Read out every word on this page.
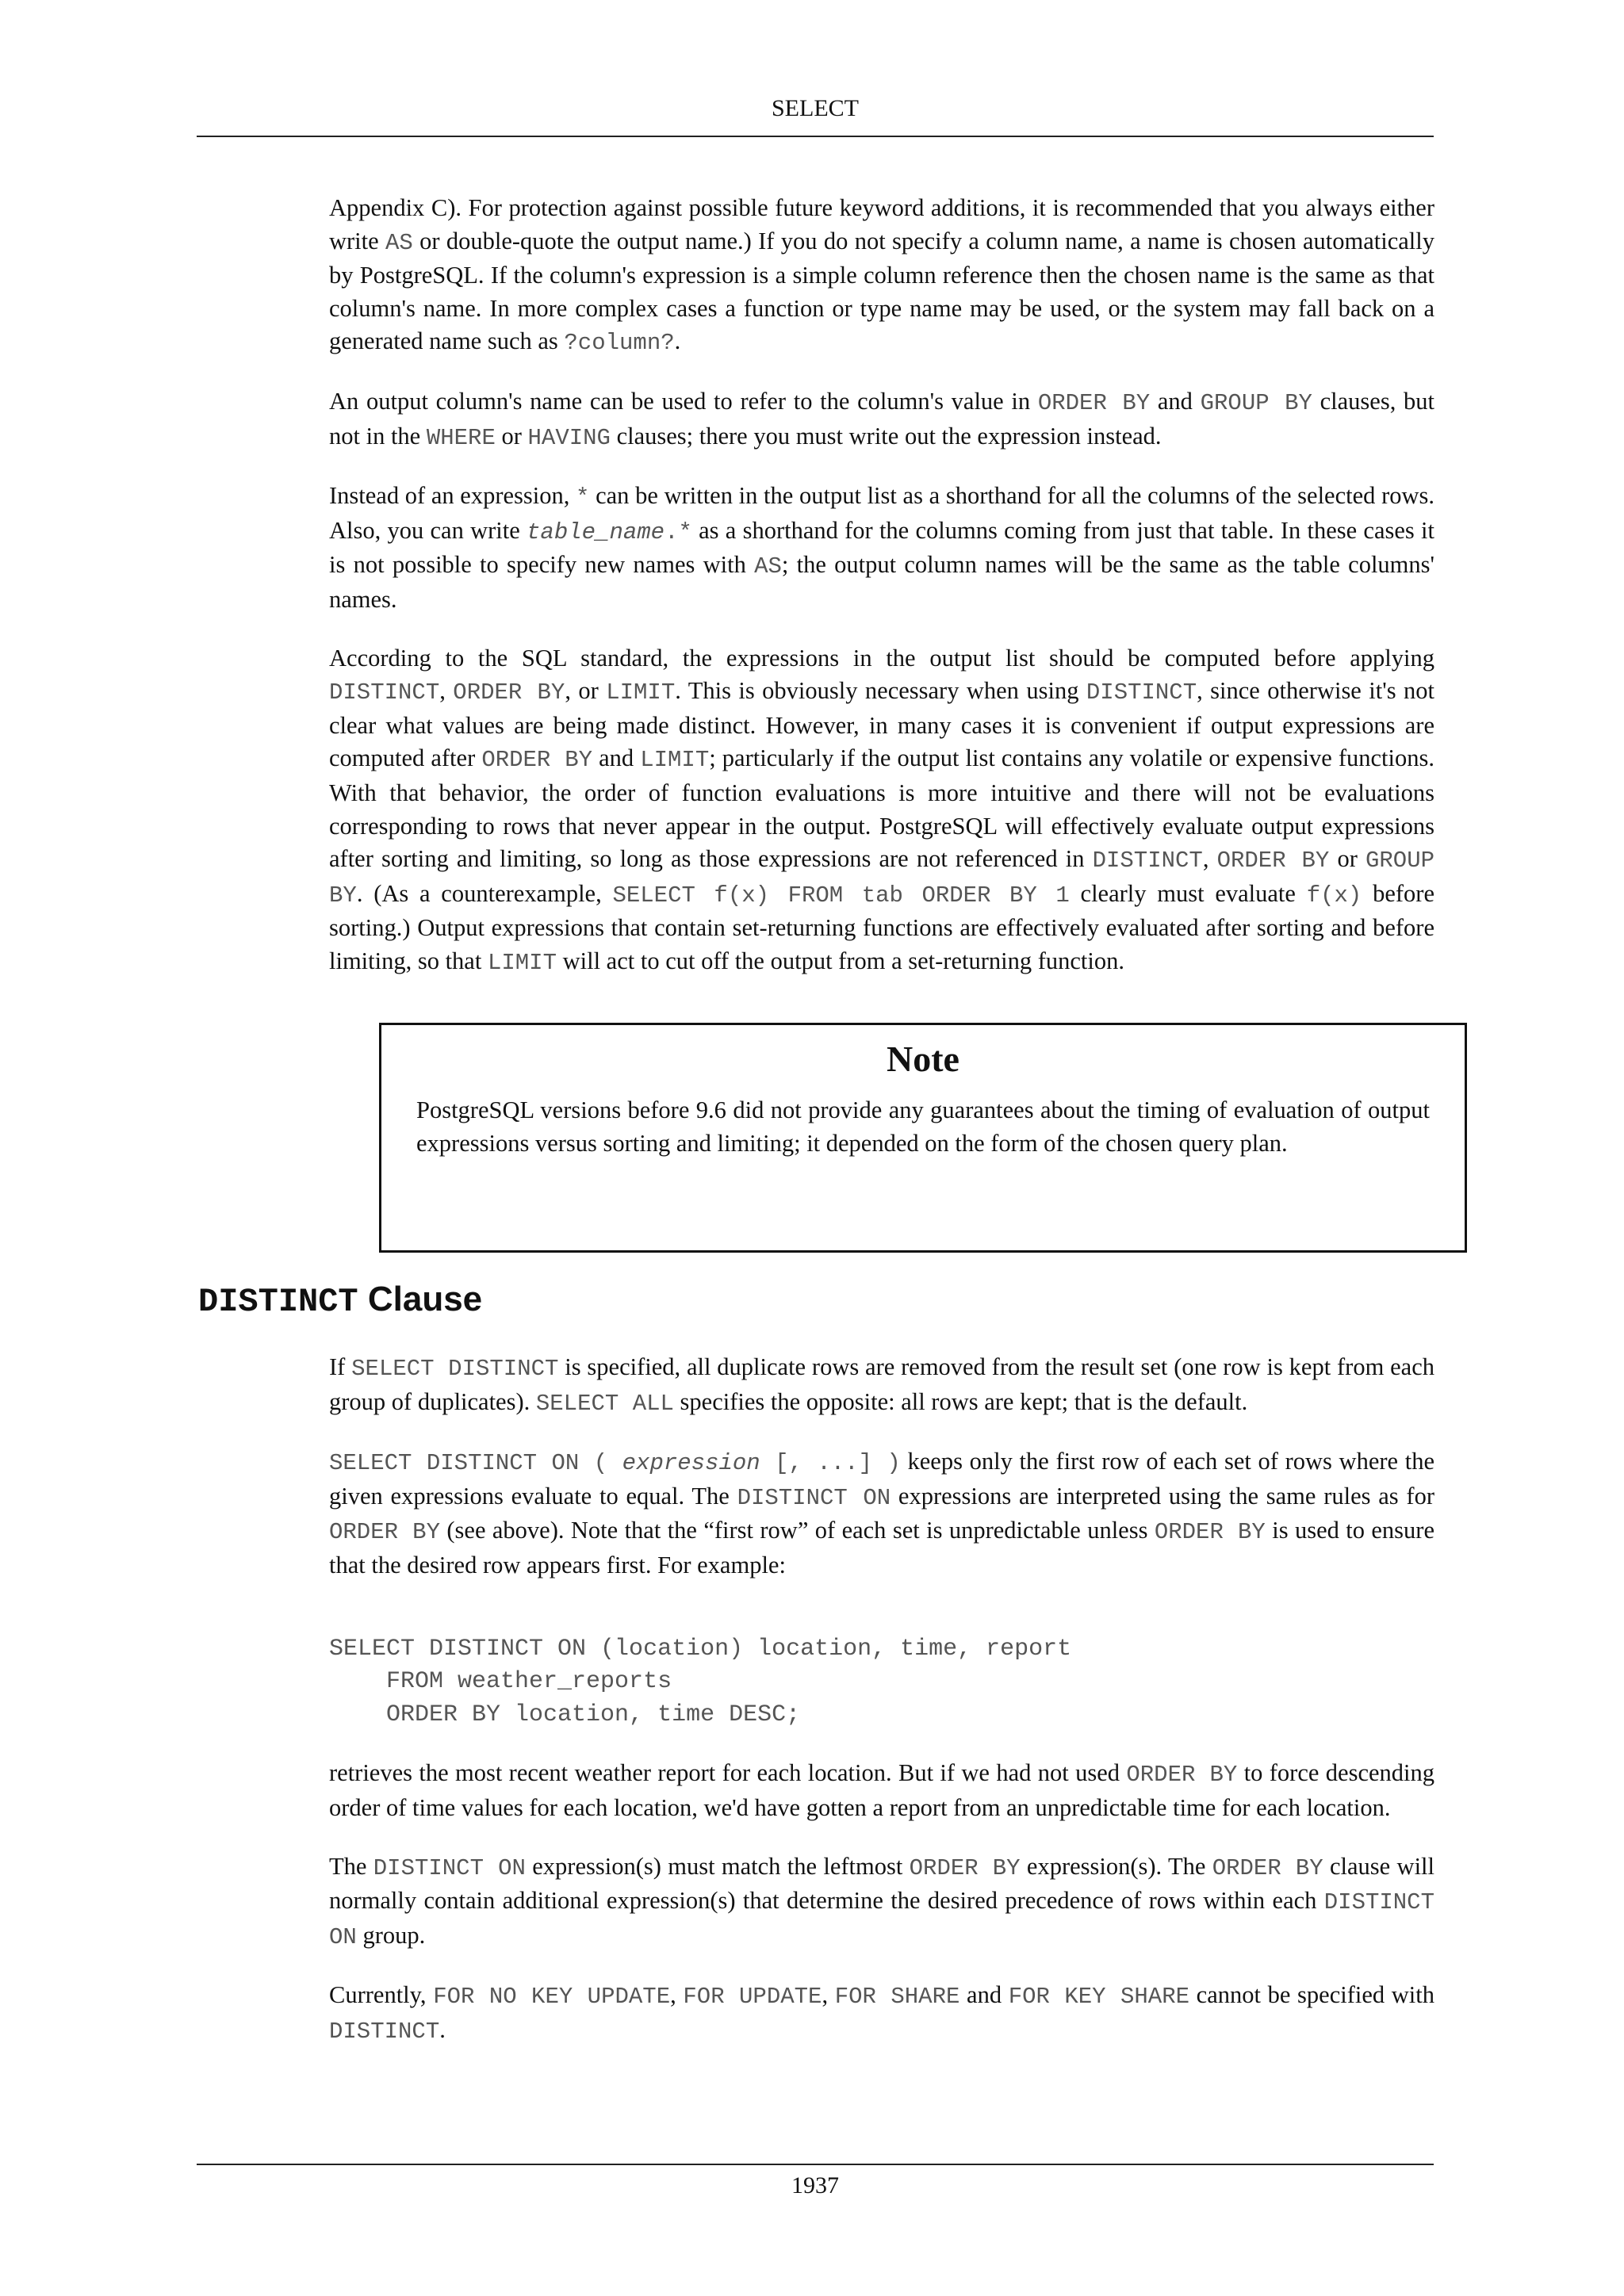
SELECT

Appendix C). For protection against possible future keyword additions, it is recommended that you always either write AS or double-quote the output name.) If you do not specify a column name, a name is chosen automatically by PostgreSQL. If the column's expression is a simple column reference then the chosen name is the same as that column's name. In more complex cases a function or type name may be used, or the system may fall back on a generated name such as ?column?.

An output column's name can be used to refer to the column's value in ORDER BY and GROUP BY clauses, but not in the WHERE or HAVING clauses; there you must write out the expression instead.

Instead of an expression, * can be written in the output list as a shorthand for all the columns of the selected rows. Also, you can write table_name.* as a shorthand for the columns coming from just that table. In these cases it is not possible to specify new names with AS; the output column names will be the same as the table columns' names.

According to the SQL standard, the expressions in the output list should be computed before applying DISTINCT, ORDER BY, or LIMIT. This is obviously necessary when using DISTINCT, since otherwise it's not clear what values are being made distinct. However, in many cases it is convenient if output expressions are computed after ORDER BY and LIMIT; particularly if the output list contains any volatile or expensive functions. With that behavior, the order of function evaluations is more intuitive and there will not be evaluations corresponding to rows that never appear in the output. PostgreSQL will effectively evaluate output expressions after sorting and limiting, so long as those expressions are not referenced in DISTINCT, ORDER BY or GROUP BY. (As a counterexample, SELECT f(x) FROM tab ORDER BY 1 clearly must evaluate f(x) before sorting.) Output expressions that contain set-returning functions are effectively evaluated after sorting and before limiting, so that LIMIT will act to cut off the output from a set-returning function.

Note

PostgreSQL versions before 9.6 did not provide any guarantees about the timing of evaluation of output expressions versus sorting and limiting; it depended on the form of the chosen query plan.

DISTINCT Clause

If SELECT DISTINCT is specified, all duplicate rows are removed from the result set (one row is kept from each group of duplicates). SELECT ALL specifies the opposite: all rows are kept; that is the default.

SELECT DISTINCT ON ( expression [, ...] ) keeps only the first row of each set of rows where the given expressions evaluate to equal. The DISTINCT ON expressions are interpreted using the same rules as for ORDER BY (see above). Note that the “first row” of each set is unpredictable unless ORDER BY is used to ensure that the desired row appears first. For example:

SELECT DISTINCT ON (location) location, time, report
FROM weather_reports
ORDER BY location, time DESC;

retrieves the most recent weather report for each location. But if we had not used ORDER BY to force descending order of time values for each location, we'd have gotten a report from an unpredictable time for each location.

The DISTINCT ON expression(s) must match the leftmost ORDER BY expression(s). The ORDER BY clause will normally contain additional expression(s) that determine the desired precedence of rows within each DISTINCT ON group.

Currently, FOR NO KEY UPDATE, FOR UPDATE, FOR SHARE and FOR KEY SHARE cannot be specified with DISTINCT.

1937
